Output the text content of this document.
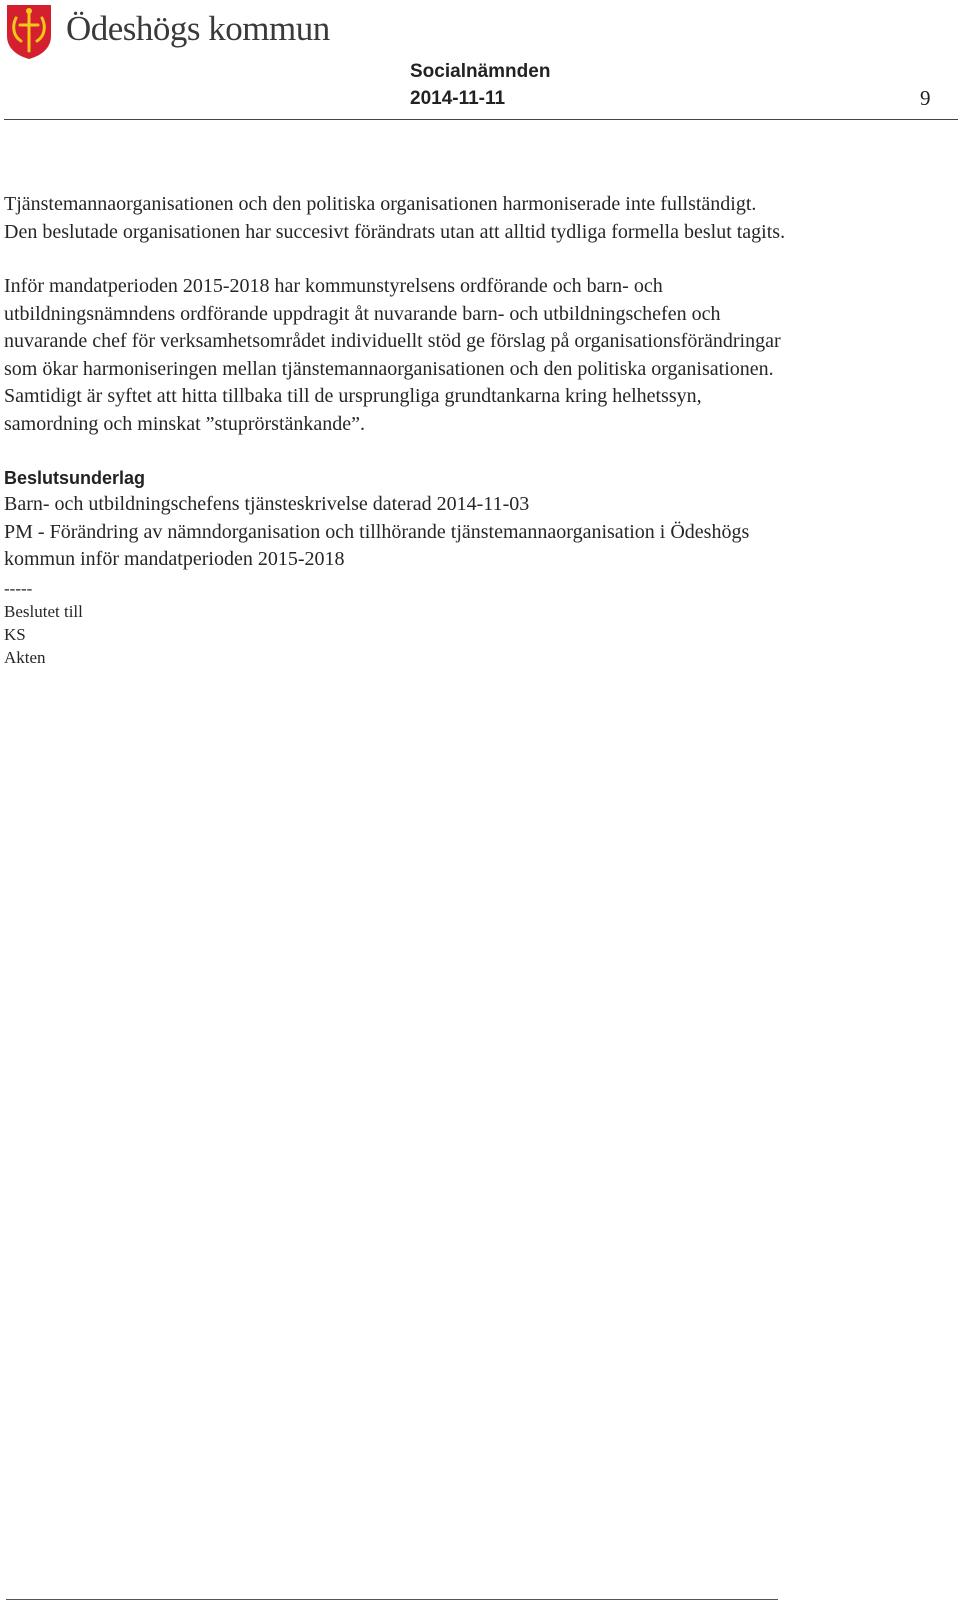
Ödeshögs kommun
Socialnämnden
2014-11-11	9

Tjänstemannaorganisationen och den politiska organisationen harmoniserade inte fullständigt. Den beslutade organisationen har succesivt förändrats utan att alltid tydliga formella beslut tagits.

Inför mandatperioden 2015-2018 har kommunstyrelsens ordförande och barn- och utbildningsnämndens ordförande uppdragit åt nuvarande barn- och utbildningschefen och nuvarande chef för verksamhetsområdet individuellt stöd ge förslag på organisationsförändringar som ökar harmoniseringen mellan tjänstemannaorganisationen och den politiska organisationen. Samtidigt är syftet att hitta tillbaka till de ursprungliga grundtankarna kring helhetssyn, samordning och minskat ”stuprörstänkande”.

Beslutsunderlag

Barn- och utbildningschefens tjänsteskrivelse daterad 2014-11-03

PM - Förändring av nämndorganisation och tillhörande tjänstemannaorganisation i Ödeshögs kommun inför mandatperioden 2015-2018

-----

Beslutet till

KS

Akten
